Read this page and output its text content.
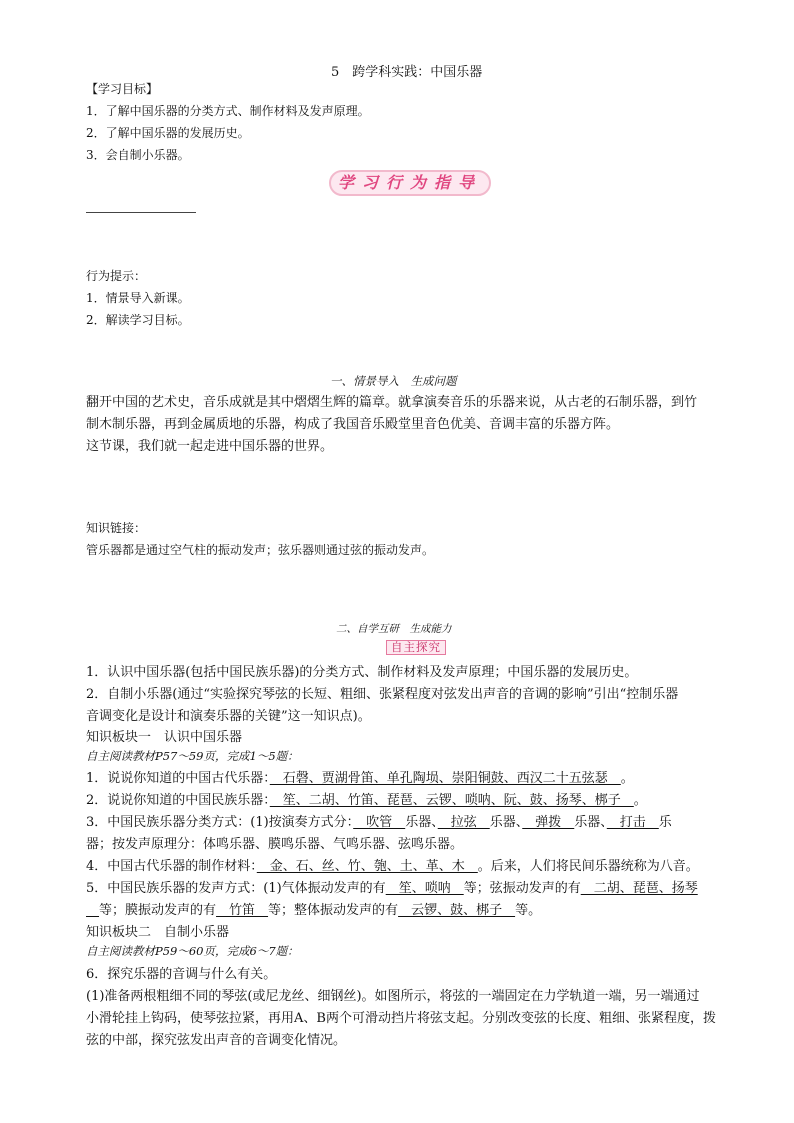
5　跨学科实践：中国乐器
【学习目标】
1．了解中国乐器的分类方式、制作材料及发声原理。
2．了解中国乐器的发展历史。
3．会自制小乐器。
学习行为指导
行为提示：
1．情景导入新课。
2．解读学习目标。
一、情景导入　生成问题
翻开中国的艺术史，音乐成就是其中熠熠生辉的篇章。就拿演奏音乐的乐器来说，从古老的石制乐器，到竹
制木制乐器，再到金属质地的乐器，构成了我国音乐殿堂里音色优美、音调丰富的乐器方阵。
这节课，我们就一起走进中国乐器的世界。
知识链接：
管乐器都是通过空气柱的振动发声；弦乐器则通过弦的振动发声。
二、自学互研　生成能力
自主探究
1．认识中国乐器(包括中国民族乐器)的分类方式、制作材料及发声原理；中国乐器的发展历史。
2．自制小乐器(通过“实验探究琴弦的长短、粗细、张紧程度对弦发出声音的音调的影响”引出“控制乐器
音调变化是设计和演奏乐器的关键”这一知识点)。
知识板块一　认识中国乐器
自主阅读教材P57～59页，完成1～5题：
1．说说你知道的中国古代乐器：　石磬、贾湖骨笛、单孔陶埙、崇阳铜鼓、西汉二十五弦瑟　。
2．说说你知道的中国民族乐器：　笙、二胡、竹笛、琵琶、云锣、唢呐、阮、鼓、扬琴、梆子　。
3．中国民族乐器分类方式：(1)按演奏方式分：　吹管　乐器、　拉弦　乐器、　弹拨　乐器、　打击　乐
器；按发声原理分：体鸣乐器、膜鸣乐器、气鸣乐器、弦鸣乐器。
4．中国古代乐器的制作材料：　金、石、丝、竹、匏、土、革、木　。后来，人们将民间乐器统称为八音。
5．中国民族乐器的发声方式：(1)气体振动发声的有　笙、唢呐　等；弦振动发声的有　二胡、琵琶、扬琴
　等；膜振动发声的有　竹笛　等；整体振动发声的有　云锣、鼓、梆子　等。
知识板块二　自制小乐器
自主阅读教材P59～60页，完成6～7题：
6．探究乐器的音调与什么有关。
(1)准备两根粗细不同的琴弦(或尼龙丝、细钢丝)。如图所示，将弦的一端固定在力学轨道一端，另一端通过
小滑轮挂上钩码，使琴弦拉紧，再用A、B两个可滑动挡片将弦支起。分别改变弦的长度、粗细、张紧程度，拨
弦的中部，探究弦发出声音的音调变化情况。
